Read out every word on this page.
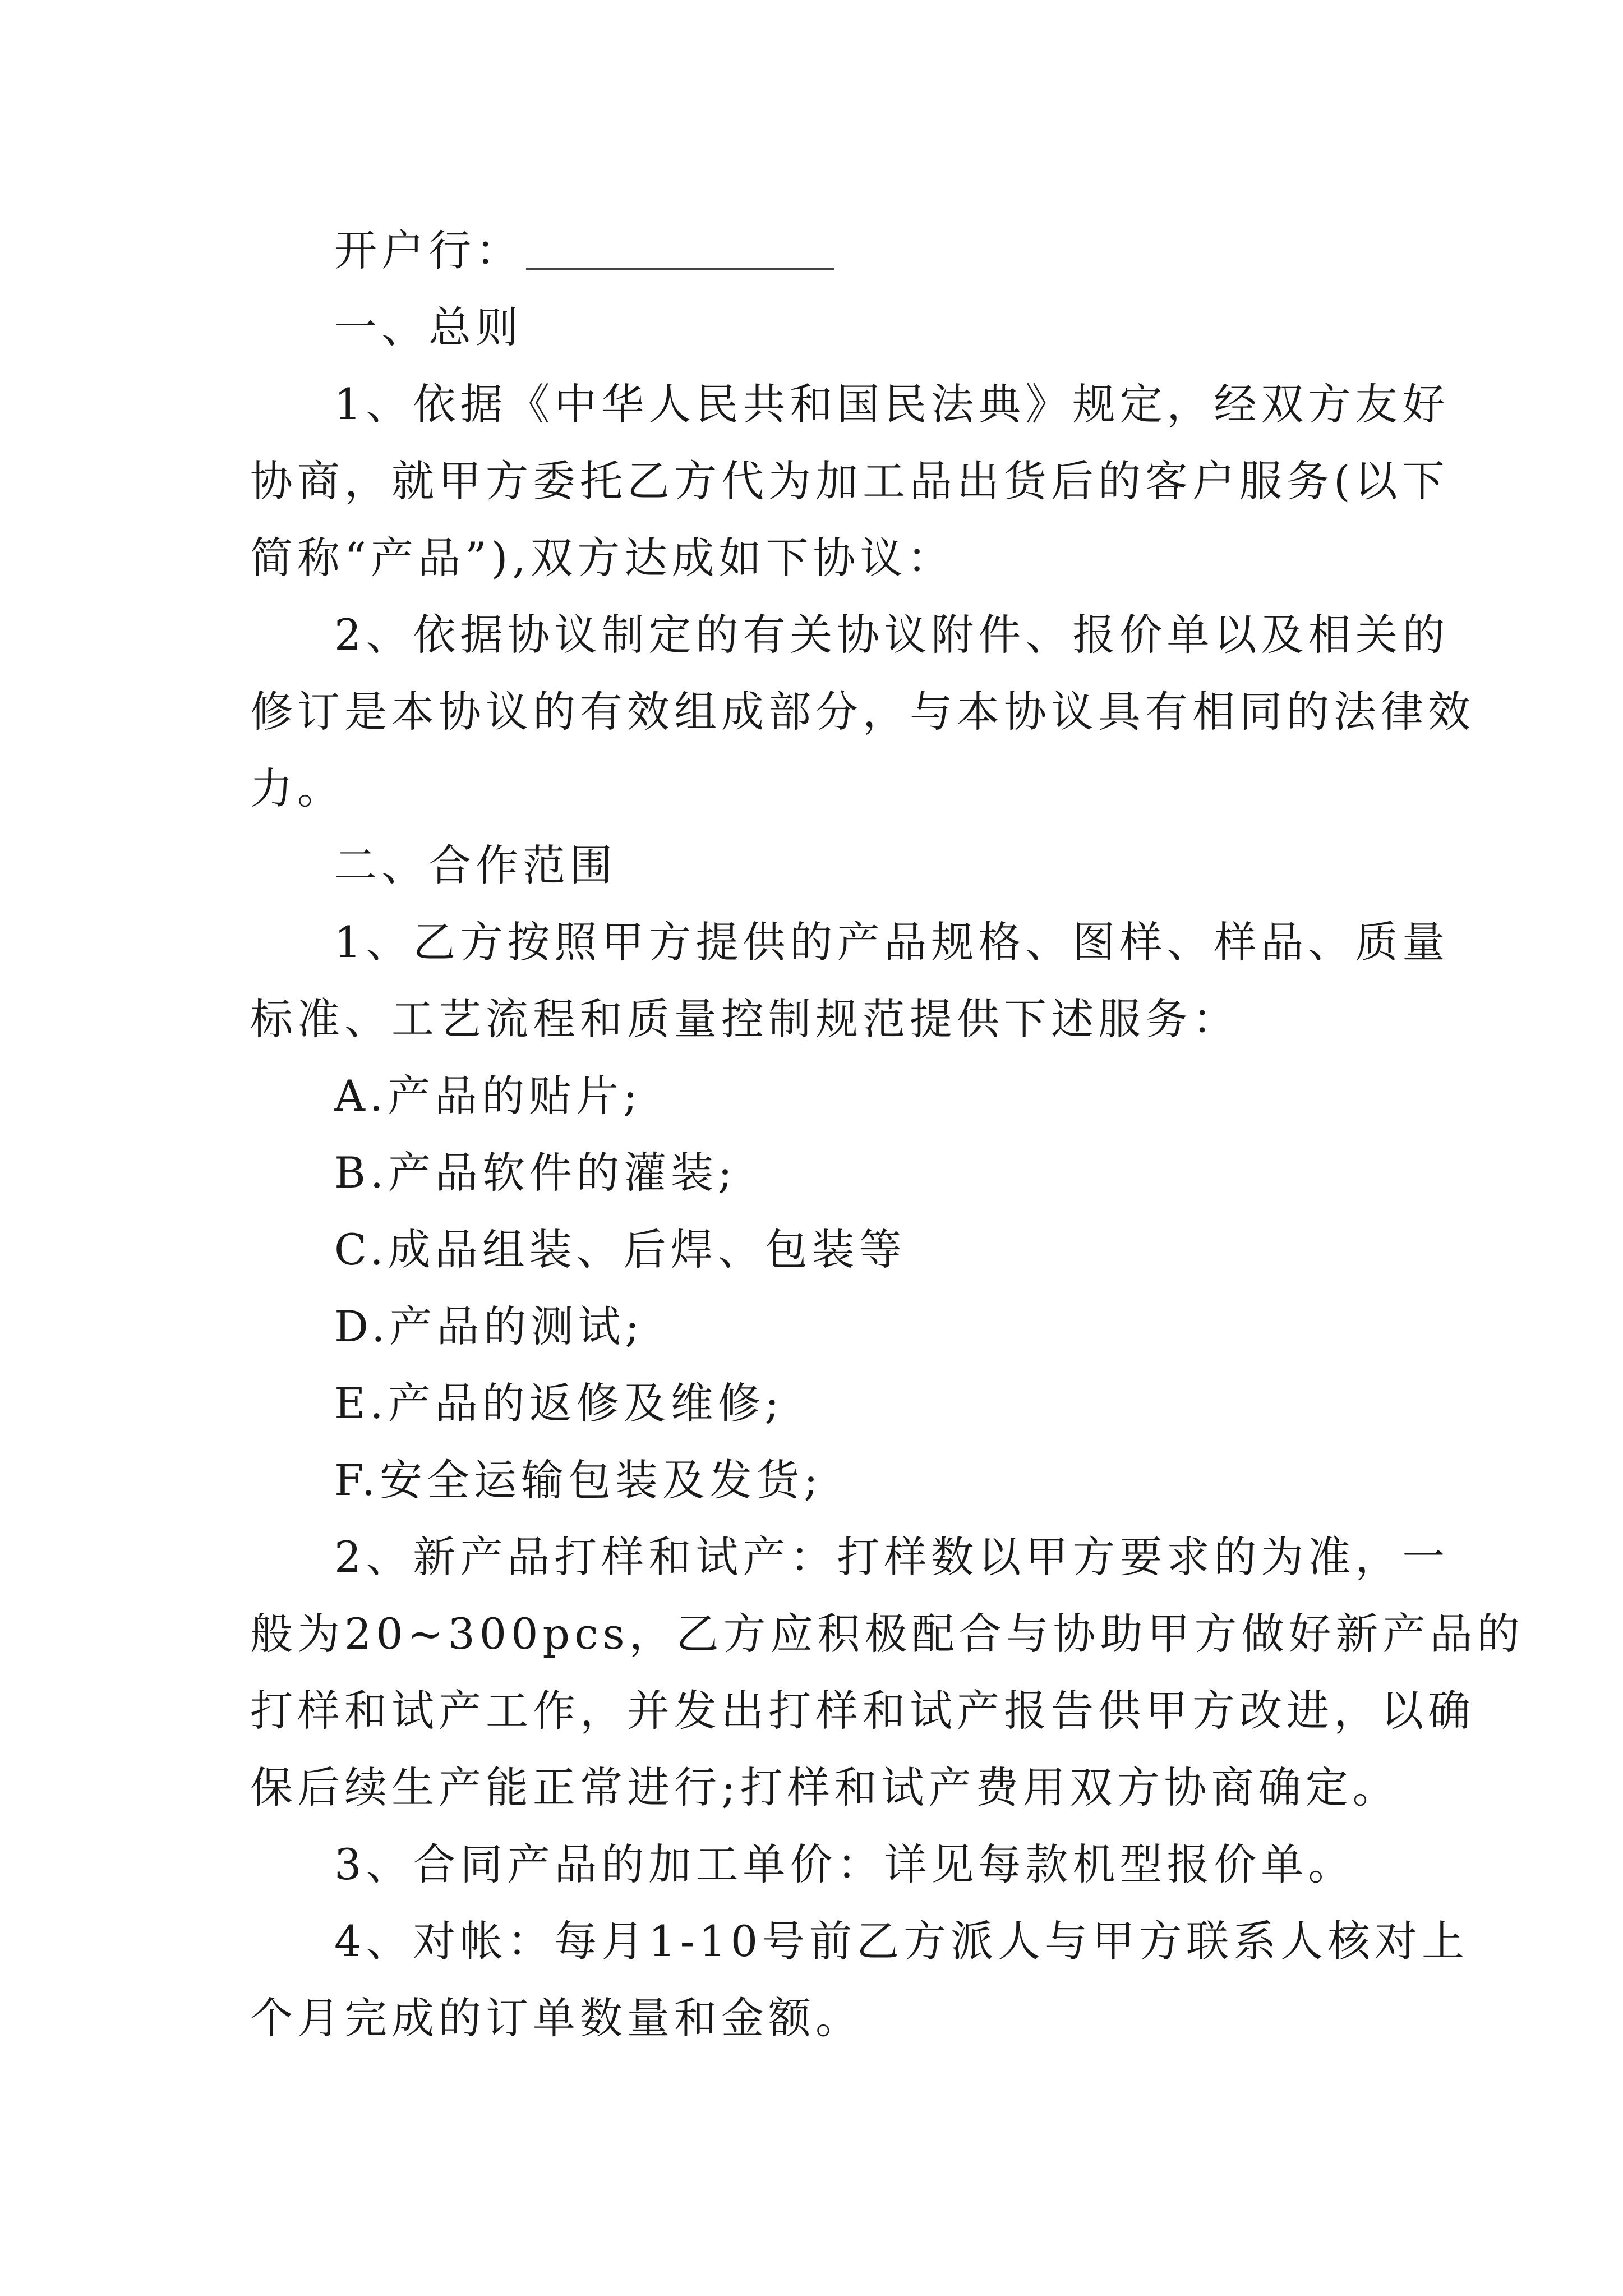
开户行：
一、总则
1、依据《中华人民共和国民法典》规定，经双方友好
协商，就甲方委托乙方代为加工品出货后的客户服务(以下
简称“产品”),双方达成如下协议：
2、依据协议制定的有关协议附件、报价单以及相关的
修订是本协议的有效组成部分，与本协议具有相同的法律效
力。
二、合作范围
1、乙方按照甲方提供的产品规格、图样、样品、质量
标准、工艺流程和质量控制规范提供下述服务：
A.产品的贴片;
B.产品软件的灌装;
C.成品组装、后焊、包装等
D.产品的测试;
E.产品的返修及维修;
F.安全运输包装及发货;
2、新产品打样和试产：打样数以甲方要求的为准，一
般为20~300pcs，乙方应积极配合与协助甲方做好新产品的
打样和试产工作，并发出打样和试产报告供甲方改进，以确
保后续生产能正常进行;打样和试产费用双方协商确定。
3、合同产品的加工单价：详见每款机型报价单。
4、对帐：每月1-10号前乙方派人与甲方联系人核对上
个月完成的订单数量和金额。
